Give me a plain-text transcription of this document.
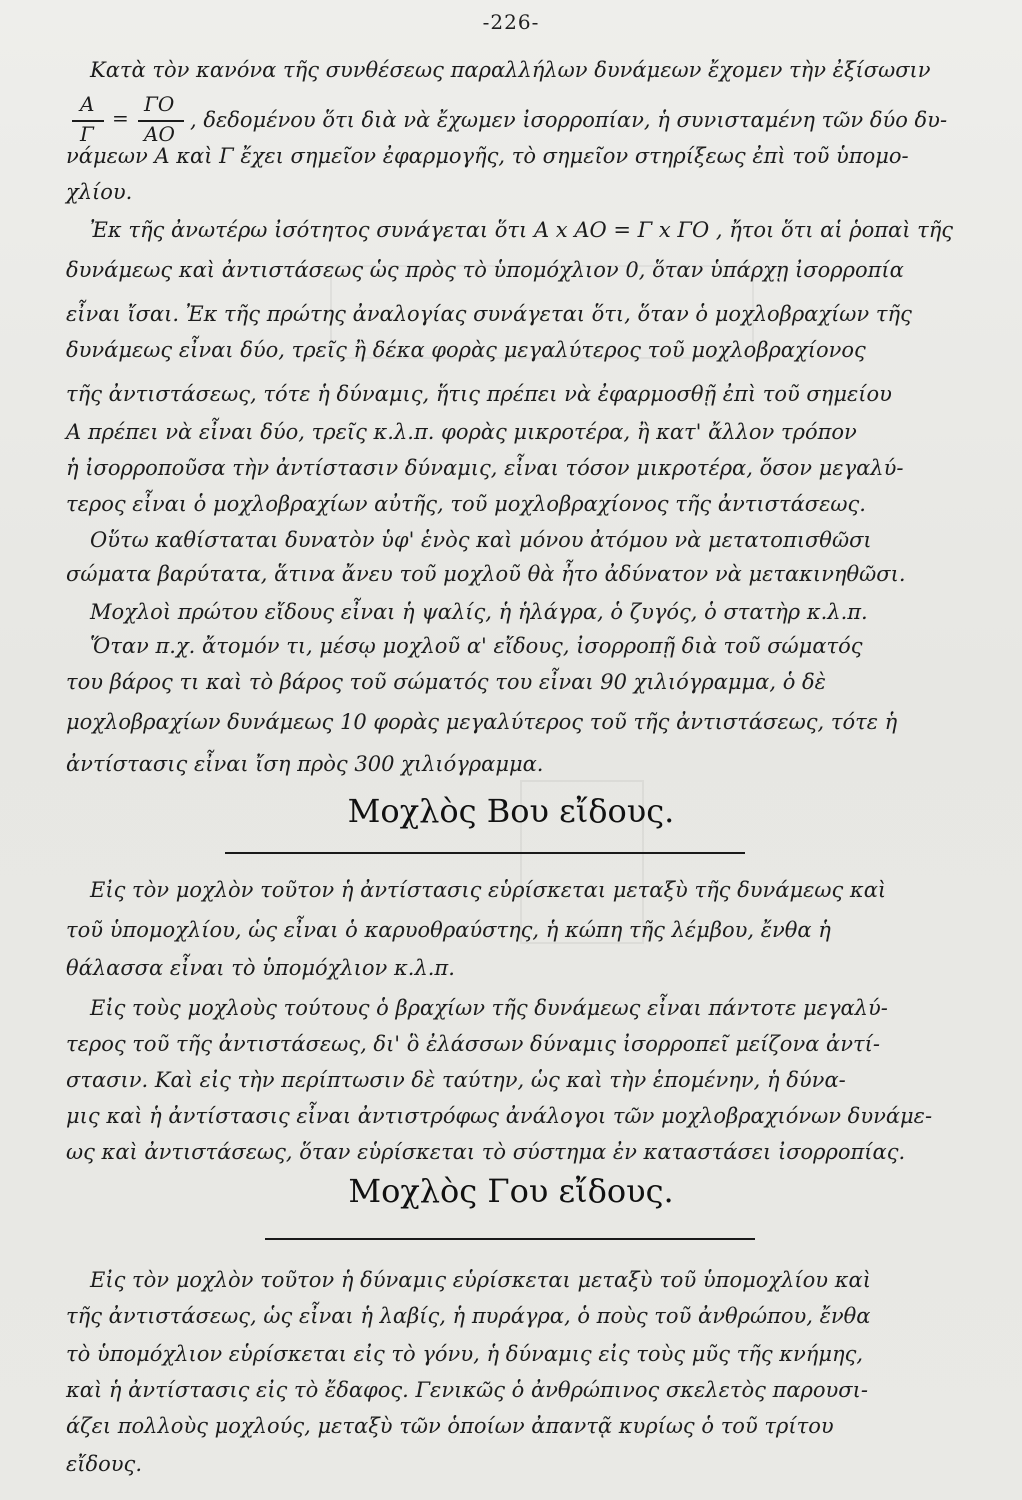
-226-
Κατὰ τὸν κανόνα τῆς συνθέσεως παραλλήλων δυνάμεων ἔχομεν τὴν ἐξίσωσιν
A
Γ
=
ΓΟ
ΑΟ
, δεδομένου ὅτι διὰ νὰ ἔχωμεν ἰσορροπίαν, ἡ συνισταμένη τῶν δύο δυ-
νάμεων Α καὶ Γ ἔχει σημεῖον ἐφαρμογῆς, τὸ σημεῖον στηρίξεως ἐπὶ τοῦ ὑπομο-
χλίου.
Ἐκ τῆς ἀνωτέρω ἰσότητος συνάγεται ὅτι Α x ΑΟ = Γ x ΓΟ , ἤτοι ὅτι αἱ ῥοπαὶ τῆς
δυνάμεως καὶ ἀντιστάσεως ὡς πρὸς τὸ ὑπομόχλιον 0, ὅταν ὑπάρχῃ ἰσορροπία
εἶναι ἴσαι. Ἐκ τῆς πρώτης ἀναλογίας συνάγεται ὅτι, ὅταν ὁ μοχλοβραχίων τῆς
δυνάμεως εἶναι δύο, τρεῖς ἢ δέκα φορὰς μεγαλύτερος τοῦ μοχλοβραχίονος
τῆς ἀντιστάσεως, τότε ἡ δύναμις, ἥτις πρέπει νὰ ἐφαρμοσθῇ ἐπὶ τοῦ σημείου
Α πρέπει νὰ εἶναι δύο, τρεῖς κ.λ.π. φορὰς μικροτέρα, ἢ κατ' ἄλλον τρόπον
ἡ ἰσορροποῦσα τὴν ἀντίστασιν δύναμις, εἶναι τόσον μικροτέρα, ὅσον μεγαλύ-
τερος εἶναι ὁ μοχλοβραχίων αὐτῆς, τοῦ μοχλοβραχίονος τῆς ἀντιστάσεως.
Οὕτω καθίσταται δυνατὸν ὑφ' ἑνὸς καὶ μόνου ἀτόμου νὰ μετατοπισθῶσι
σώματα βαρύτατα, ἅτινα ἄνευ τοῦ μοχλοῦ θὰ ἦτο ἀδύνατον νὰ μετακινηθῶσι.
Μοχλοὶ πρώτου εἴδους εἶναι ἡ ψαλίς, ἡ ἡλάγρα, ὁ ζυγός, ὁ στατὴρ κ.λ.π.
Ὅταν π.χ. ἄτομόν τι, μέσῳ μοχλοῦ α' εἴδους, ἰσορροπῇ διὰ τοῦ σώματός
του βάρος τι καὶ τὸ βάρος τοῦ σώματός του εἶναι 90 χιλιόγραμμα, ὁ δὲ
μοχλοβραχίων δυνάμεως 10 φορὰς μεγαλύτερος τοῦ τῆς ἀντιστάσεως, τότε ἡ
ἀντίστασις εἶναι ἴση πρὸς 300 χιλιόγραμμα.
Μοχλὸς Βου εἴδους.
Εἰς τὸν μοχλὸν τοῦτον ἡ ἀντίστασις εὑρίσκεται μεταξὺ τῆς δυνάμεως καὶ
τοῦ ὑπομοχλίου, ὡς εἶναι ὁ καρυοθραύστης, ἡ κώπη τῆς λέμβου, ἔνθα ἡ
θάλασσα εἶναι τὸ ὑπομόχλιον κ.λ.π.
Εἰς τοὺς μοχλοὺς τούτους ὁ βραχίων τῆς δυνάμεως εἶναι πάντοτε μεγαλύ-
τερος τοῦ τῆς ἀντιστάσεως, δι' ὃ ἐλάσσων δύναμις ἰσορροπεῖ μείζονα ἀντί-
στασιν. Καὶ εἰς τὴν περίπτωσιν δὲ ταύτην, ὡς καὶ τὴν ἑπομένην, ἡ δύνα-
μις καὶ ἡ ἀντίστασις εἶναι ἀντιστρόφως ἀνάλογοι τῶν μοχλοβραχιόνων δυνάμε-
ως καὶ ἀντιστάσεως, ὅταν εὑρίσκεται τὸ σύστημα ἐν καταστάσει ἰσορροπίας.
Μοχλὸς Γου εἴδους.
Εἰς τὸν μοχλὸν τοῦτον ἡ δύναμις εὑρίσκεται μεταξὺ τοῦ ὑπομοχλίου καὶ
τῆς ἀντιστάσεως, ὡς εἶναι ἡ λαβίς, ἡ πυράγρα, ὁ ποὺς τοῦ ἀνθρώπου, ἔνθα
τὸ ὑπομόχλιον εὑρίσκεται εἰς τὸ γόνυ, ἡ δύναμις εἰς τοὺς μῦς τῆς κνήμης,
καὶ ἡ ἀντίστασις εἰς τὸ ἔδαφος. Γενικῶς ὁ ἀνθρώπινος σκελετὸς παρουσι-
άζει πολλοὺς μοχλούς, μεταξὺ τῶν ὁποίων ἀπαντᾷ κυρίως ὁ τοῦ τρίτου
εἴδους.
